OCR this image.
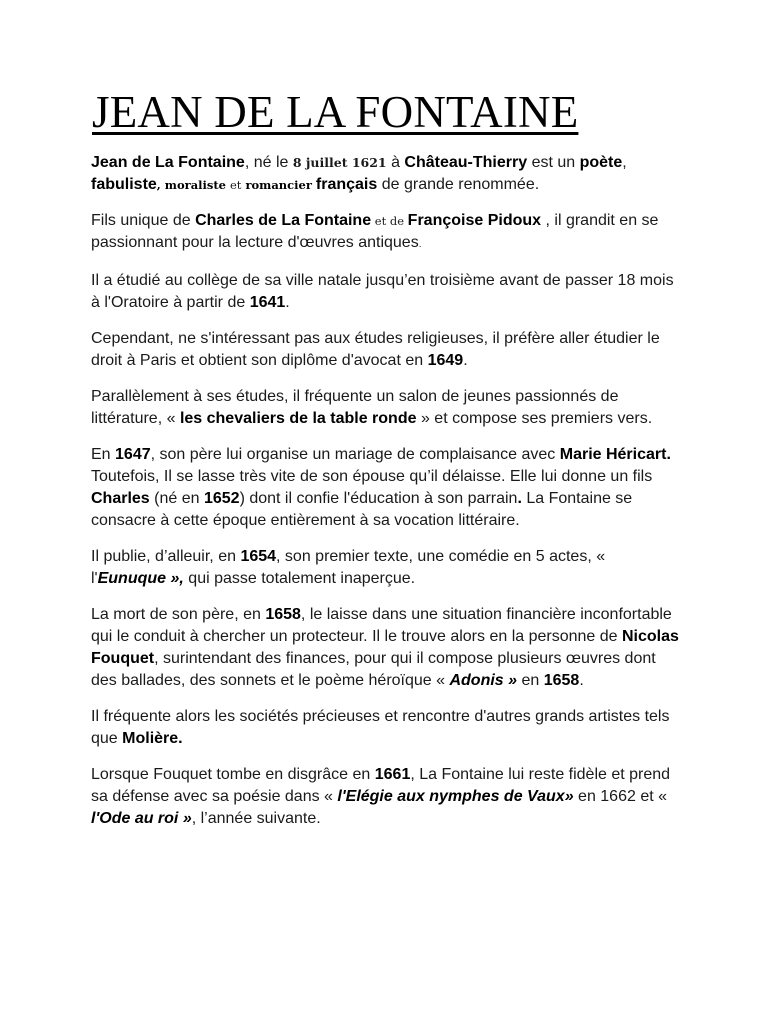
JEAN DE LA FONTAINE

Jean de La Fontaine, né le 8 juillet 1621 à Château-Thierry est un poète, fabuliste, moraliste et romancier français de grande renommée.

Fils unique de Charles de La Fontaine et de Françoise Pidoux , il grandit en se passionnant pour la lecture d'œuvres antiques.

Il a étudié au collège de sa ville natale jusqu’en troisième avant de passer 18 mois à l'Oratoire à partir de 1641.

Cependant, ne s'intéressant pas aux études religieuses, il préfère aller étudier le droit à Paris et obtient son diplôme d'avocat en 1649.

Parallèlement à ses études, il fréquente un salon de jeunes passionnés de littérature, « les chevaliers de la table ronde » et compose ses premiers vers.

En 1647, son père lui organise un mariage de complaisance avec Marie Héricart. Toutefois, Il se lasse très vite de son épouse qu’il délaisse. Elle lui donne un fils Charles (né en 1652) dont il confie l'éducation à son parrain. La Fontaine se consacre à cette époque entièrement à sa vocation littéraire.

Il publie, d’alleuir, en 1654, son premier texte, une comédie en 5 actes, « l'Eunuque », qui passe totalement inaperçue.

La mort de son père, en 1658, le laisse dans une situation financière inconfortable qui le conduit à chercher un protecteur. Il le trouve alors en la personne de Nicolas Fouquet, surintendant des finances, pour qui il compose plusieurs œuvres dont des ballades, des sonnets et le poème héroïque « Adonis » en 1658.

Il fréquente alors les sociétés précieuses et rencontre d'autres grands artistes tels que Molière.

Lorsque Fouquet tombe en disgrâce en 1661, La Fontaine lui reste fidèle et prend sa défense avec sa poésie dans « l'Elégie aux nymphes de Vaux» en 1662 et « l'Ode au roi », l’année suivante.
